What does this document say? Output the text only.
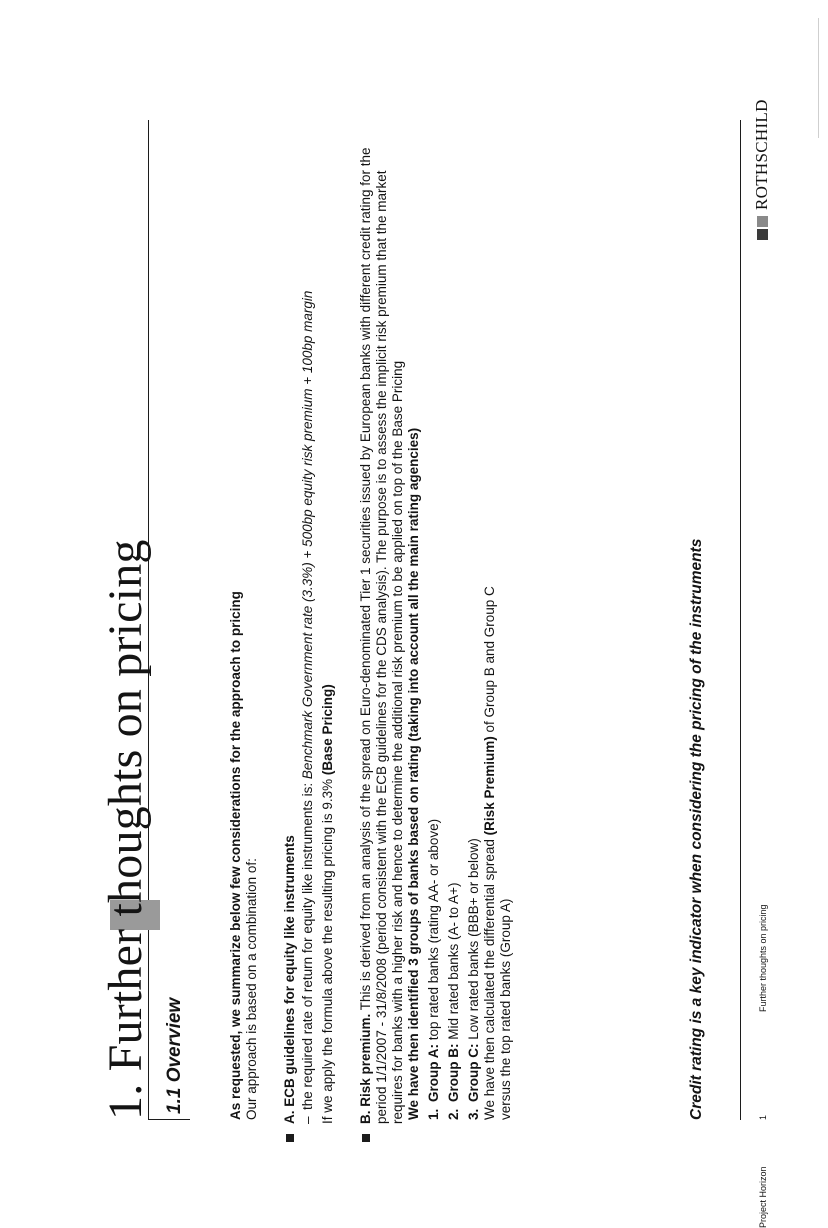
1. Further thoughts on pricing 1.1 Overview	As requested, we summarize below few considerations for the approach to pricing Our approach is based on a combination of: A. ECB guidelines for equity like instruments –
the required rate of return for equity like instruments is: Benchmark Government rate (3.3%) + 500bp equity risk premium + 100bp margin

If we apply the formula above the resulting pricing is 9.3% (Base Pricing)

B. Risk premium. This is derived from an analysis of the spread on Euro-denominated Tier 1 securities issued by European banks with different credit rating for the period 1/1/2007 - 31/8/2008 (period consistent with the ECB guidelines for the CDS analysis). The purpose is to assess the implicit risk premium that the market requires for banks with a higher risk and hence to determine the additional risk premium to be applied on top of the Base Pricing We have then identified 3 groups of banks based on rating (taking into account all the main rating agencies) 1.
Group A: top rated banks (rating AA- or above)
2.
Group B: Mid rated banks (A- to A+)
3.
Group C: Low rated banks (BBB+ or below) We have then calculated the differential spread (Risk Premium) of Group B and Group C versus the top rated banks (Group A)	Credit rating is a key indicator when considering the pricing of the instruments
Project Horizon
1
Further thoughts on pricing
ROTHSCHILD
